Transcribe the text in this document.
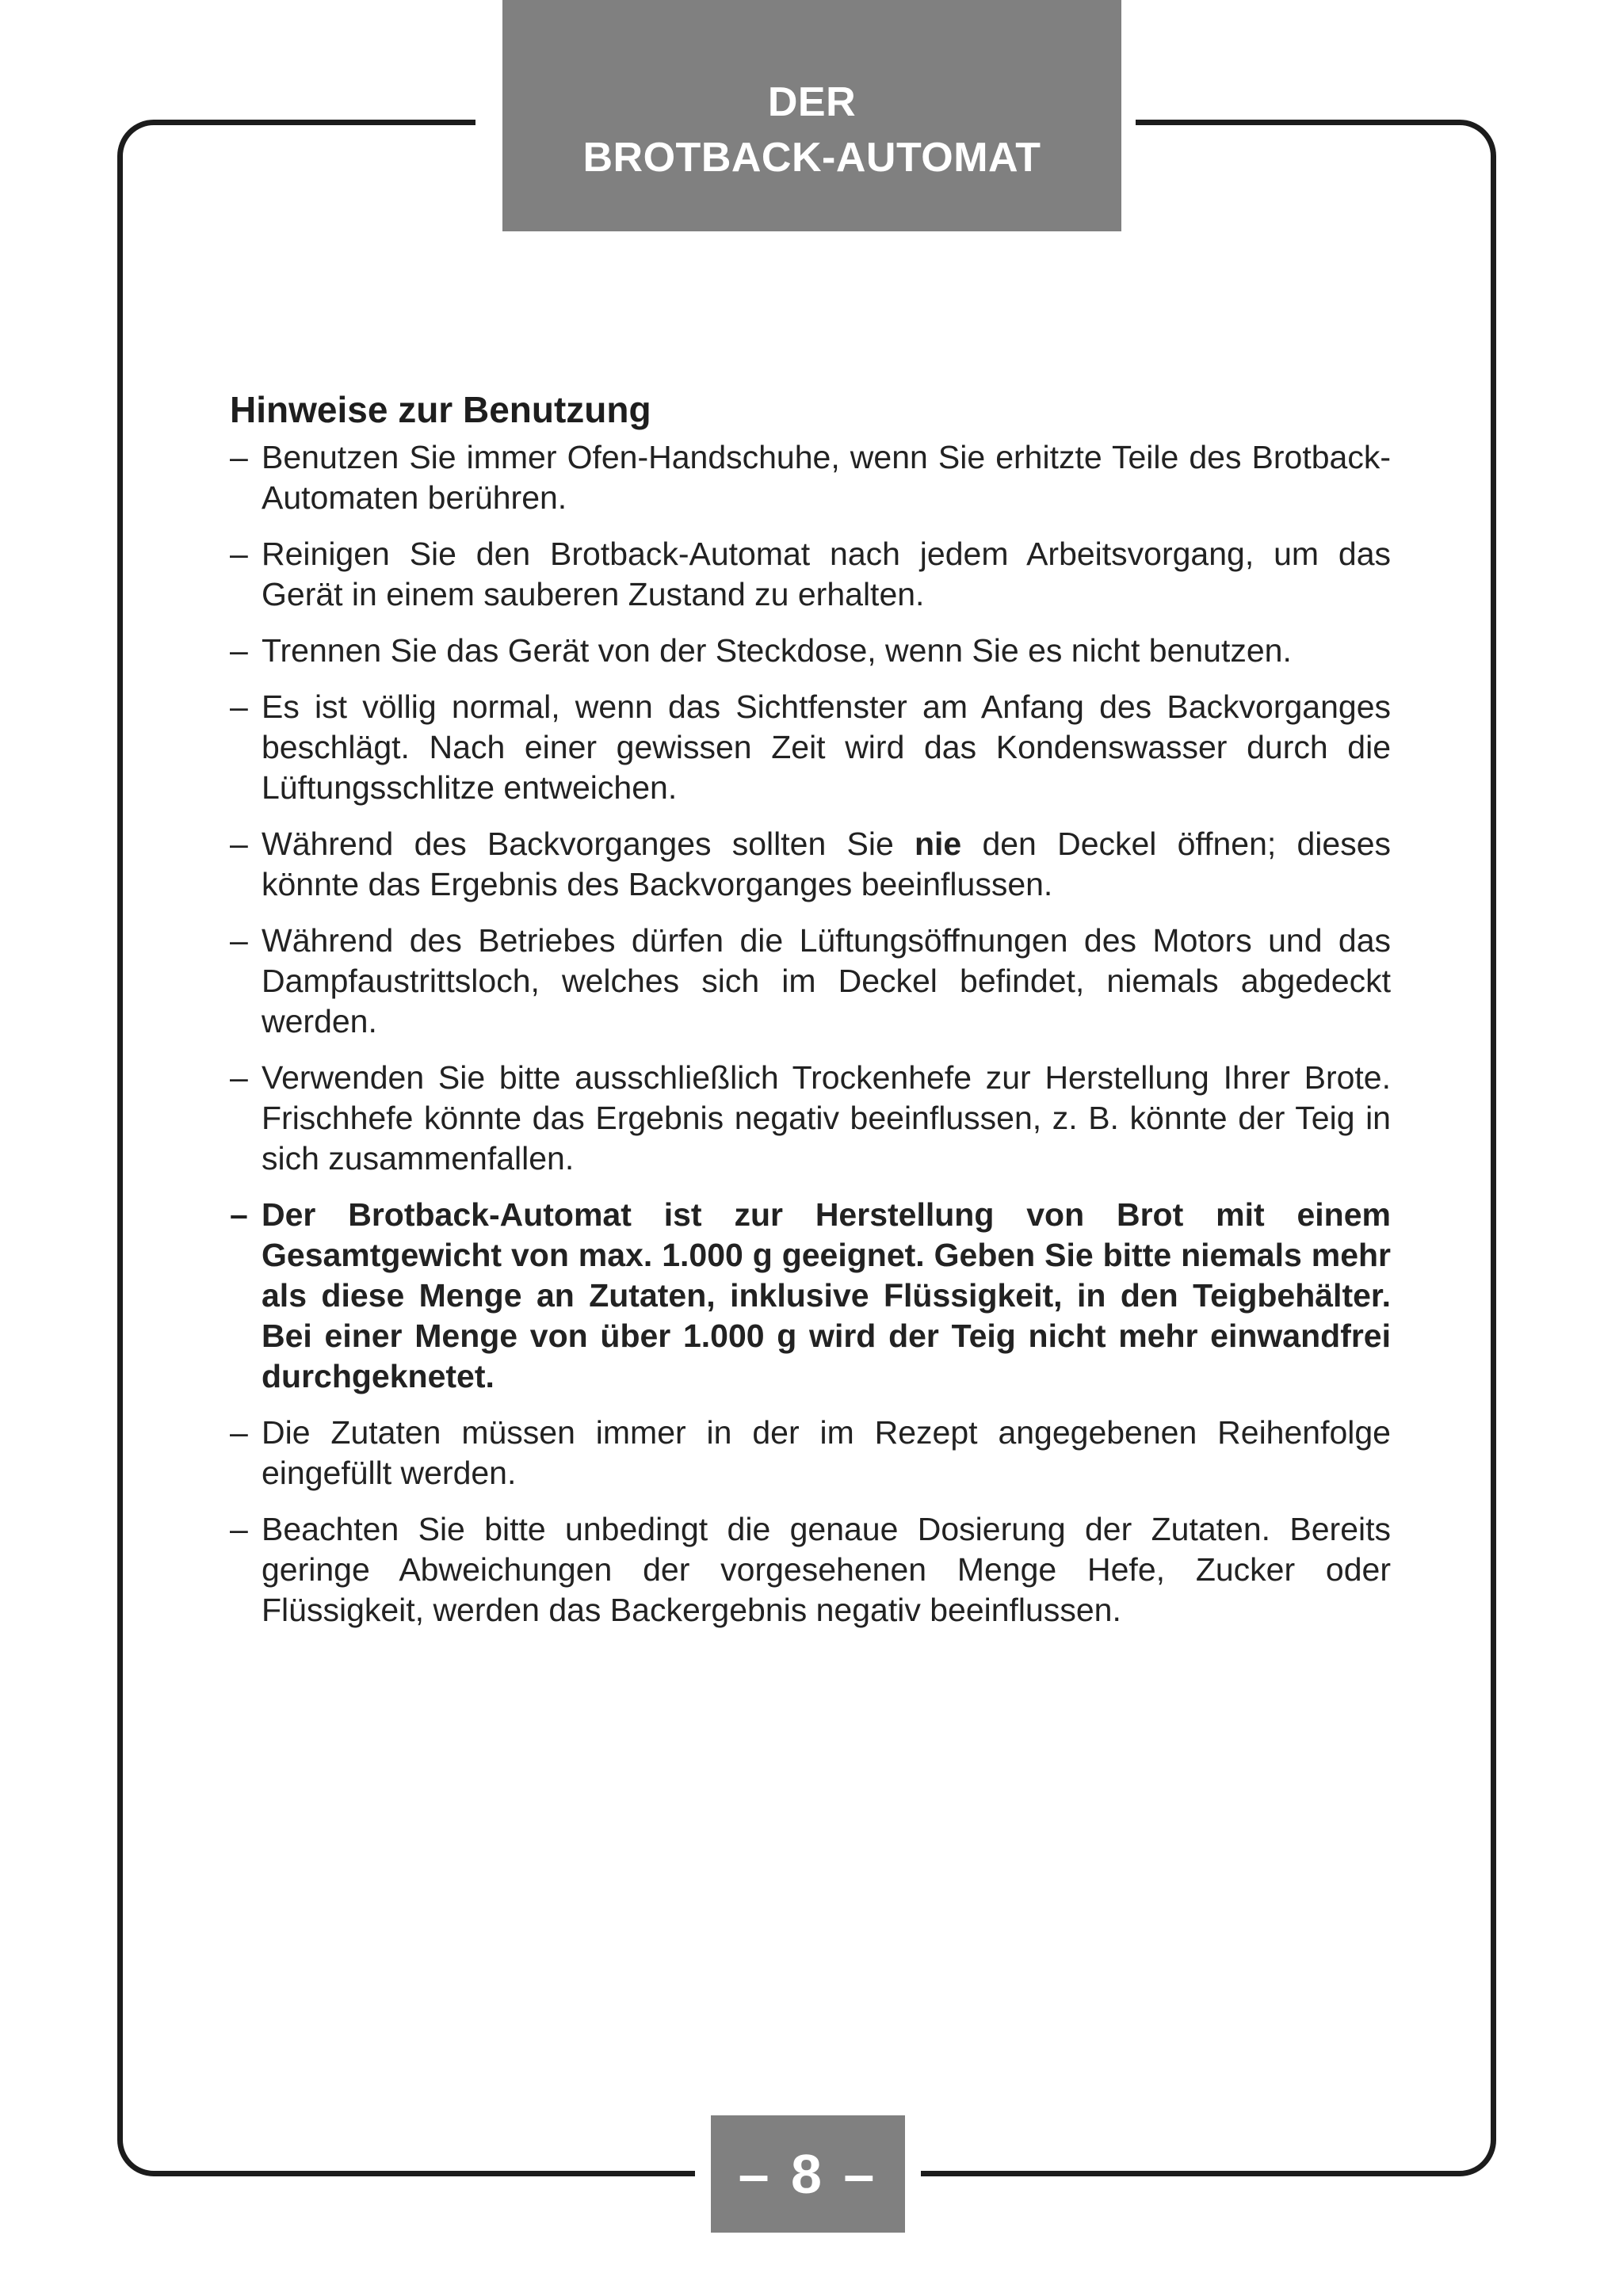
DER
BROTBACK-AUTOMAT
Hinweise zur Benutzung
– Benutzen Sie immer Ofen-Handschuhe, wenn Sie erhitzte Teile des Brotback-Automaten berühren.
– Reinigen Sie den Brotback-Automat nach jedem Arbeitsvorgang, um das Gerät in einem sauberen Zustand zu erhalten.
– Trennen Sie das Gerät von der Steckdose, wenn Sie es nicht benutzen.
– Es ist völlig normal, wenn das Sichtfenster am Anfang des Backvorganges beschlägt. Nach einer gewissen Zeit wird das Kondenswasser durch die Lüftungsschlitze entweichen.
– Während des Backvorganges sollten Sie nie den Deckel öffnen; dieses könnte das Ergebnis des Backvorganges beeinflussen.
– Während des Betriebes dürfen die Lüftungsöffnungen des Motors und das Dampfaustrittsloch, welches sich im Deckel befindet, niemals abgedeckt werden.
– Verwenden Sie bitte ausschließlich Trockenhefe zur Herstellung Ihrer Brote. Frischhefe könnte das Ergebnis negativ beeinflussen, z. B. könnte der Teig in sich zusammenfallen.
– Der Brotback-Automat ist zur Herstellung von Brot mit einem Gesamtgewicht von max. 1.000 g geeignet. Geben Sie bitte niemals mehr als diese Menge an Zutaten, inklusive Flüssigkeit, in den Teigbehälter. Bei einer Menge von über 1.000 g wird der Teig nicht mehr einwandfrei durchgeknetet.
– Die Zutaten müssen immer in der im Rezept angegebenen Reihenfolge eingefüllt werden.
– Beachten Sie bitte unbedingt die genaue Dosierung der Zutaten. Bereits geringe Abweichungen der vorgesehenen Menge Hefe, Zucker oder Flüssigkeit, werden das Backergebnis negativ beeinflussen.
– 8 –
